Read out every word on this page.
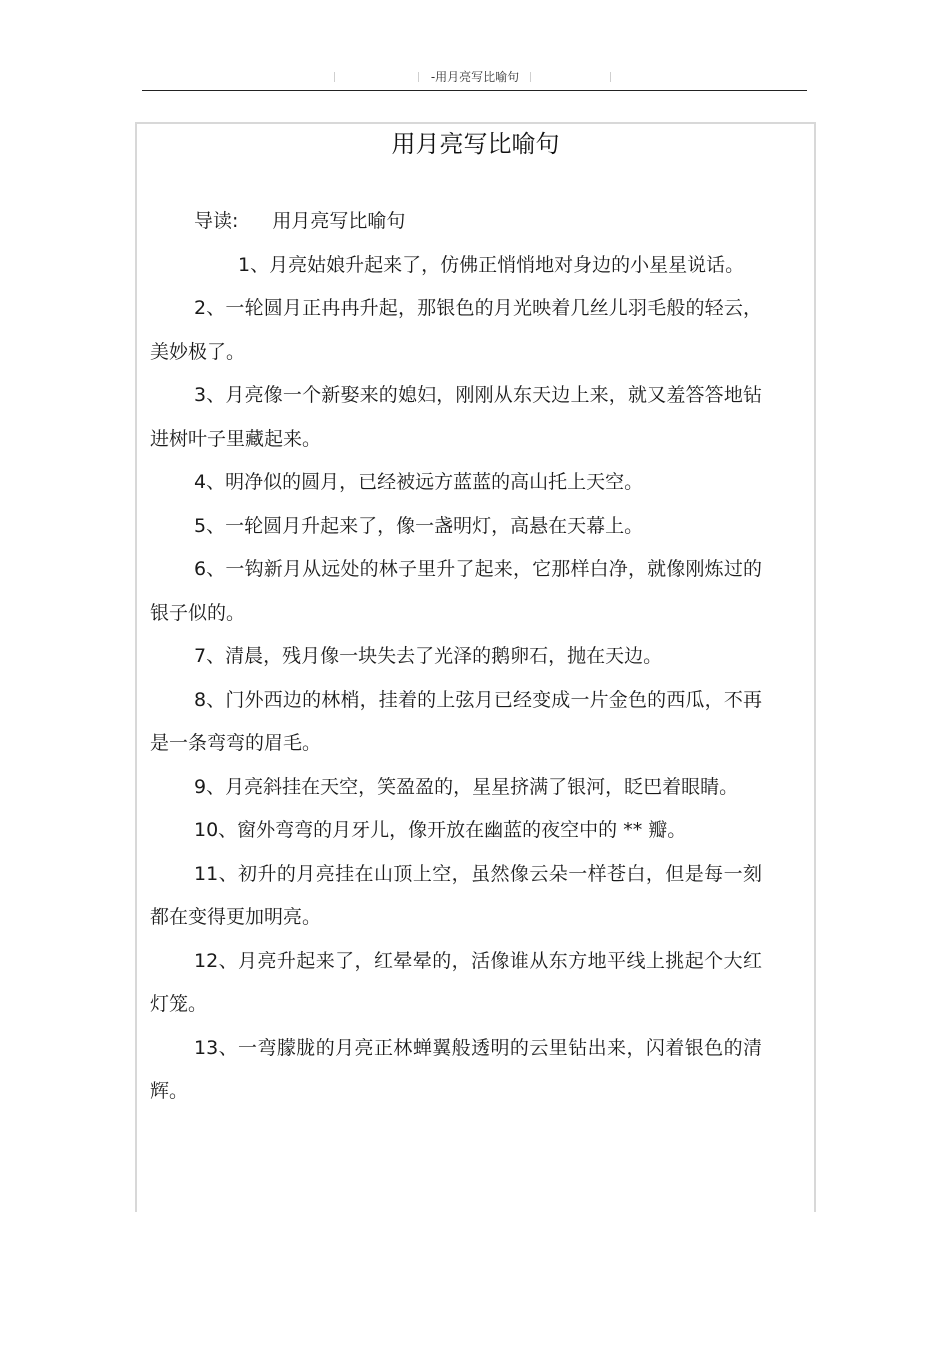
-用月亮写比喻句
用月亮写比喻句

导读: 用月亮写比喻句

1、月亮姑娘升起来了，仿佛正悄悄地对身边的小星星说话。

2、一轮圆月正冉冉升起，那银色的月光映着几丝儿羽毛般的轻云，美妙极了。

3、月亮像一个新娶来的媳妇，刚刚从东天边上来，就又羞答答地钻进树叶子里藏起来。

4、明净似的圆月，已经被远方蓝蓝的高山托上天空。

5、一轮圆月升起来了，像一盏明灯，高悬在天幕上。

6、一钩新月从远处的林子里升了起来，它那样白净，就像刚炼过的银子似的。

7、清晨，残月像一块失去了光泽的鹅卵石，抛在天边。

8、门外西边的林梢，挂着的上弦月已经变成一片金色的西瓜，不再是一条弯弯的眉毛。

9、月亮斜挂在天空，笑盈盈的，星星挤满了银河，眨巴着眼睛。

10、窗外弯弯的月牙儿，像开放在幽蓝的夜空中的 ** 瓣。

11、初升的月亮挂在山顶上空，虽然像云朵一样苍白，但是每一刻都在变得更加明亮。

12、月亮升起来了，红晕晕的，活像谁从东方地平线上挑起个大红灯笼。

13、一弯朦胧的月亮正林蝉翼般透明的云里钻出来，闪着银色的清辉。
